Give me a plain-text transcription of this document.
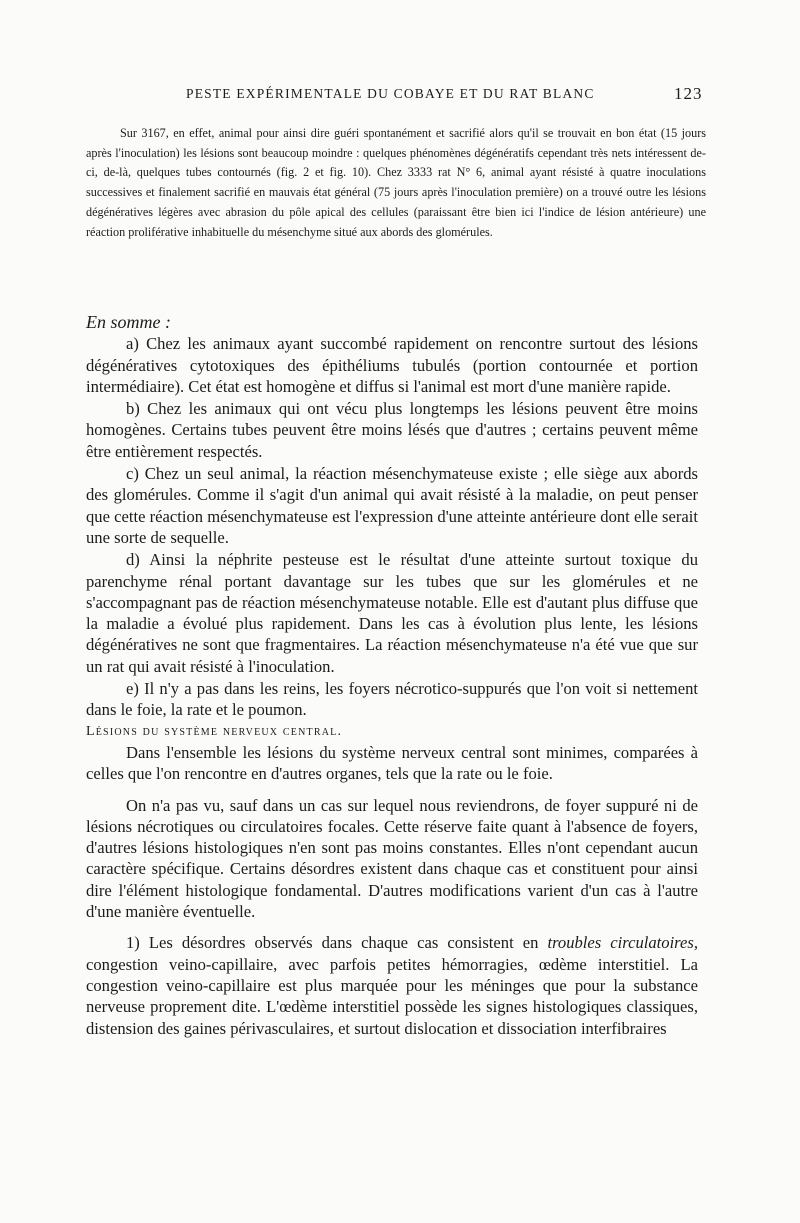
PESTE EXPÉRIMENTALE DU COBAYE ET DU RAT BLANC	123

Sur 3167, en effet, animal pour ainsi dire guéri spontanément et sacrifié alors qu'il se trouvait en bon état (15 jours après l'inoculation) les lésions sont beaucoup moindre : quelques phénomènes dégénératifs cependant très nets intéressent de-ci, de-là, quelques tubes contournés (fig. 2 et fig. 10). Chez 3333 rat N° 6, animal ayant résisté à quatre inoculations successives et finalement sacrifié en mauvais état général (75 jours après l'inoculation première) on a trouvé outre les lésions dégénératives légères avec abrasion du pôle apical des cellules (paraissant être bien ici l'indice de lésion antérieure) une réaction proliférative inhabituelle du mésenchyme situé aux abords des glomérules.

En somme :

a) Chez les animaux ayant succombé rapidement on rencontre surtout des lésions dégénératives cytotoxiques des épithéliums tubulés (portion contournée et portion intermédiaire). Cet état est homogène et diffus si l'animal est mort d'une manière rapide.

b) Chez les animaux qui ont vécu plus longtemps les lésions peuvent être moins homogènes. Certains tubes peuvent être moins lésés que d'autres ; certains peuvent même être entièrement respectés.

c) Chez un seul animal, la réaction mésenchymateuse existe ; elle siège aux abords des glomérules. Comme il s'agit d'un animal qui avait résisté à la maladie, on peut penser que cette réaction mésenchymateuse est l'expression d'une atteinte antérieure dont elle serait une sorte de sequelle.

d) Ainsi la néphrite pesteuse est le résultat d'une atteinte surtout toxique du parenchyme rénal portant davantage sur les tubes que sur les glomérules et ne s'accompagnant pas de réaction mésenchymateuse notable. Elle est d'autant plus diffuse que la maladie a évolué plus rapidement. Dans les cas à évolution plus lente, les lésions dégénératives ne sont que fragmentaires. La réaction mésenchymateuse n'a été vue que sur un rat qui avait résisté à l'inoculation.

e) Il n'y a pas dans les reins, les foyers nécrotico-suppurés que l'on voit si nettement dans le foie, la rate et le poumon.

Lésions du système nerveux central.

Dans l'ensemble les lésions du système nerveux central sont minimes, comparées à celles que l'on rencontre en d'autres organes, tels que la rate ou le foie.

On n'a pas vu, sauf dans un cas sur lequel nous reviendrons, de foyer suppuré ni de lésions nécrotiques ou circulatoires focales. Cette réserve faite quant à l'absence de foyers, d'autres lésions histologiques n'en sont pas moins constantes. Elles n'ont cependant aucun caractère spécifique. Certains désordres existent dans chaque cas et constituent pour ainsi dire l'élément histologique fondamental. D'autres modifications varient d'un cas à l'autre d'une manière éventuelle.

1) Les désordres observés dans chaque cas consistent en troubles circulatoires, congestion veino-capillaire, avec parfois petites hémorragies, œdème interstitiel. La congestion veino-capillaire est plus marquée pour les méninges que pour la substance nerveuse proprement dite. L'œdème interstitiel possède les signes histologiques classiques, distension des gaines périvasculaires, et surtout dislocation et dissociation interfibraires
